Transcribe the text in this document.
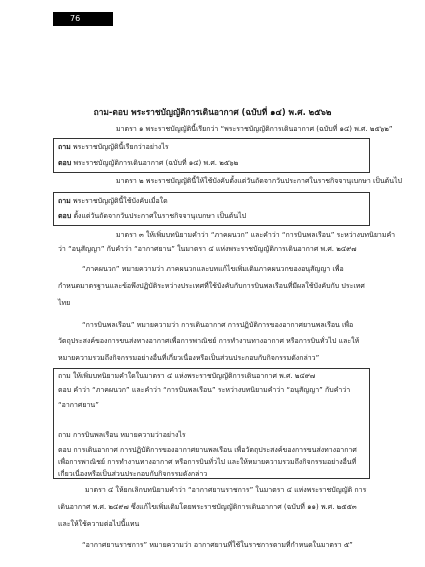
76
ถาม-ตอบ พระราชบัญญัติการเดินอากาศ (ฉบับที่ ๑๔) พ.ศ. ๒๕๖๒
มาตรา ๑ พระราชบัญญัตินี้เรียกว่า “พระราชบัญญัติการเดินอากาศ (ฉบับที่ ๑๔) พ.ศ. ๒๕๖๒”
ถาม พระราชบัญญัตินี้เรียกว่าอย่างไร
ตอบ พระราชบัญญัติการเดินอากาศ (ฉบับที่ ๑๔) พ.ศ. ๒๕๖๒
มาตรา ๒ พระราชบัญญัตินี้ให้ใช้บังคับตั้งแต่วันถัดจากวันประกาศในราชกิจจานุเบกษา เป็นต้นไป
ถาม พระราชบัญญัตินี้ใช้บังคับเมื่อใด
ตอบ ตั้งแต่วันถัดจากวันประกาศในราชกิจจานุเบกษา เป็นต้นไป
มาตรา ๓ ให้เพิ่มบทนิยามคำว่า “ภาคผนวก” และคำว่า “การบินพลเรือน” ระหว่างบทนิยามคำ
ว่า “อนุสัญญา” กับคำว่า “อากาศยาน” ในมาตรา ๔ แห่งพระราชบัญญัติการเดินอากาศ พ.ศ. ๒๔๙๗
“ภาคผนวก” หมายความว่า ภาคผนวกและบทแก้ไขเพิ่มเติมภาคผนวกของอนุสัญญา เพื่อ
กำหนดมาตรฐานและข้อพึงปฏิบัติระหว่างประเทศที่ใช้บังคับกับการบินพลเรือนที่มีผลใช้บังคับกับ ประเทศ
ไทย
“การบินพลเรือน” หมายความว่า การเดินอากาศ การปฏิบัติการของอากาศยานพลเรือน เพื่อ
วัตถุประสงค์ของการขนส่งทางอากาศเพื่อการพาณิชย์ การทำงานทางอากาศ หรือการบินทั่วไป และให้
หมายความรวมถึงกิจกรรมอย่างอื่นที่เกี่ยวเนื่องหรือเป็นส่วนประกอบกับกิจกรรมดังกล่าว”
ถาม ให้เพิ่มบทนิยามคำใดในมาตรา ๔ แห่งพระราชบัญญัติการเดินอากาศ พ.ศ. ๒๔๙๗
ตอบ คำว่า “ภาคผนวก” และคำว่า “การบินพลเรือน” ระหว่างบทนิยามคำว่า “อนุสัญญา” กับคำว่า
“อากาศยาน”
ถาม การบินพลเรือน หมายความว่าอย่างไร
ตอบ การเดินอากาศ การปฏิบัติการของอากาศยานพลเรือน เพื่อวัตถุประสงค์ของการขนส่งทางอากาศ
เพื่อการพาณิชย์ การทำงานทางอากาศ หรือการบินทั่วไป และให้หมายความรวมถึงกิจกรรมอย่างอื่นที่
เกี่ยวเนื่องหรือเป็นส่วนประกอบกับกิจกรรมดังกล่าว
มาตรา ๔ ให้ยกเลิกบทนิยามคำว่า “อากาศยานราชการ” ในมาตรา ๔ แห่งพระราชบัญญัติ การ
เดินอากาศ พ.ศ. ๒๔๙๗ ซึ่งแก้ไขเพิ่มเติมโดยพระราชบัญญัติการเดินอากาศ (ฉบับที่ ๑๑) พ.ศ. ๒๕๕๓
และให้ใช้ความต่อไปนี้แทน
“อากาศยานราชการ” หมายความว่า อากาศยานที่ใช้ในราชการตามที่กำหนดในมาตรา ๕”
